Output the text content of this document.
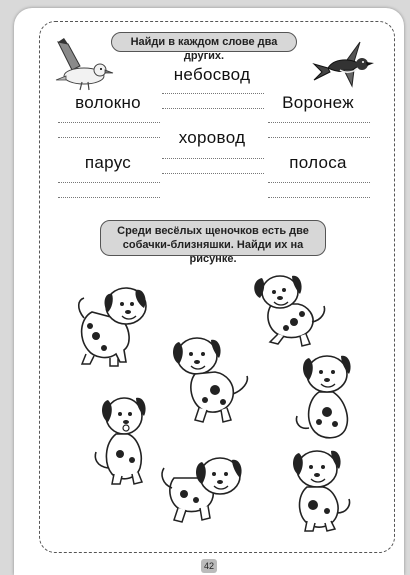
Найди в каждом слове два других.
небосвод
волокно	Воронеж
хоровод
парус	полоса
Среди весёлых щеночков есть две собачки-близняшки. Найди их на рисунке.
42
